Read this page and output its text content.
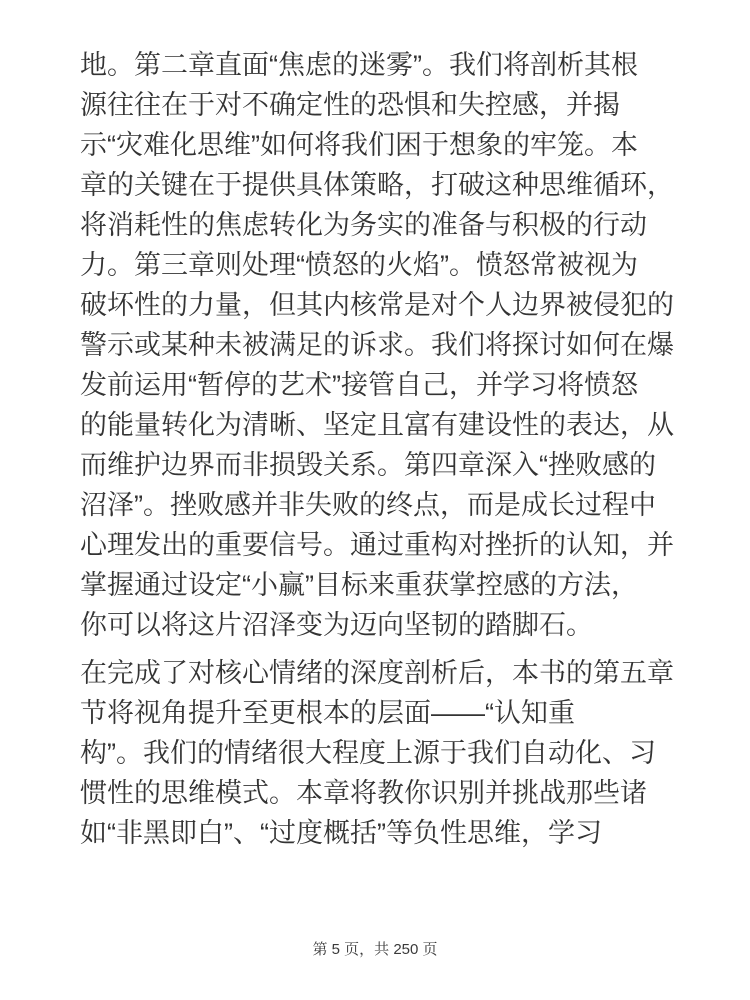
地。第二章直面“焦虑的迷雾”。我们将剖析其根
源往往在于对不确定性的恐惧和失控感，并揭
示“灾难化思维”如何将我们困于想象的牢笼。本
章的关键在于提供具体策略，打破这种思维循环，
将消耗性的焦虑转化为务实的准备与积极的行动
力。第三章则处理“愤怒的火焰”。愤怒常被视为
破坏性的力量，但其内核常是对个人边界被侵犯的
警示或某种未被满足的诉求。我们将探讨如何在爆
发前运用“暂停的艺术”接管自己，并学习将愤怒
的能量转化为清晰、坚定且富有建设性的表达，从
而维护边界而非损毁关系。第四章深入“挫败感的
沼泽”。挫败感并非失败的终点，而是成长过程中
心理发出的重要信号。通过重构对挫折的认知，并
掌握通过设定“小赢”目标来重获掌控感的方法，
你可以将这片沼泽变为迈向坚韧的踏脚石。

在完成了对核心情绪的深度剖析后，本书的第五章
节将视角提升至更根本的层面——“认知重
构”。我们的情绪很大程度上源于我们自动化、习
惯性的思维模式。本章将教你识别并挑战那些诸
如“非黑即白”、“过度概括”等负性思维，学习

第 5 页，共 250 页
